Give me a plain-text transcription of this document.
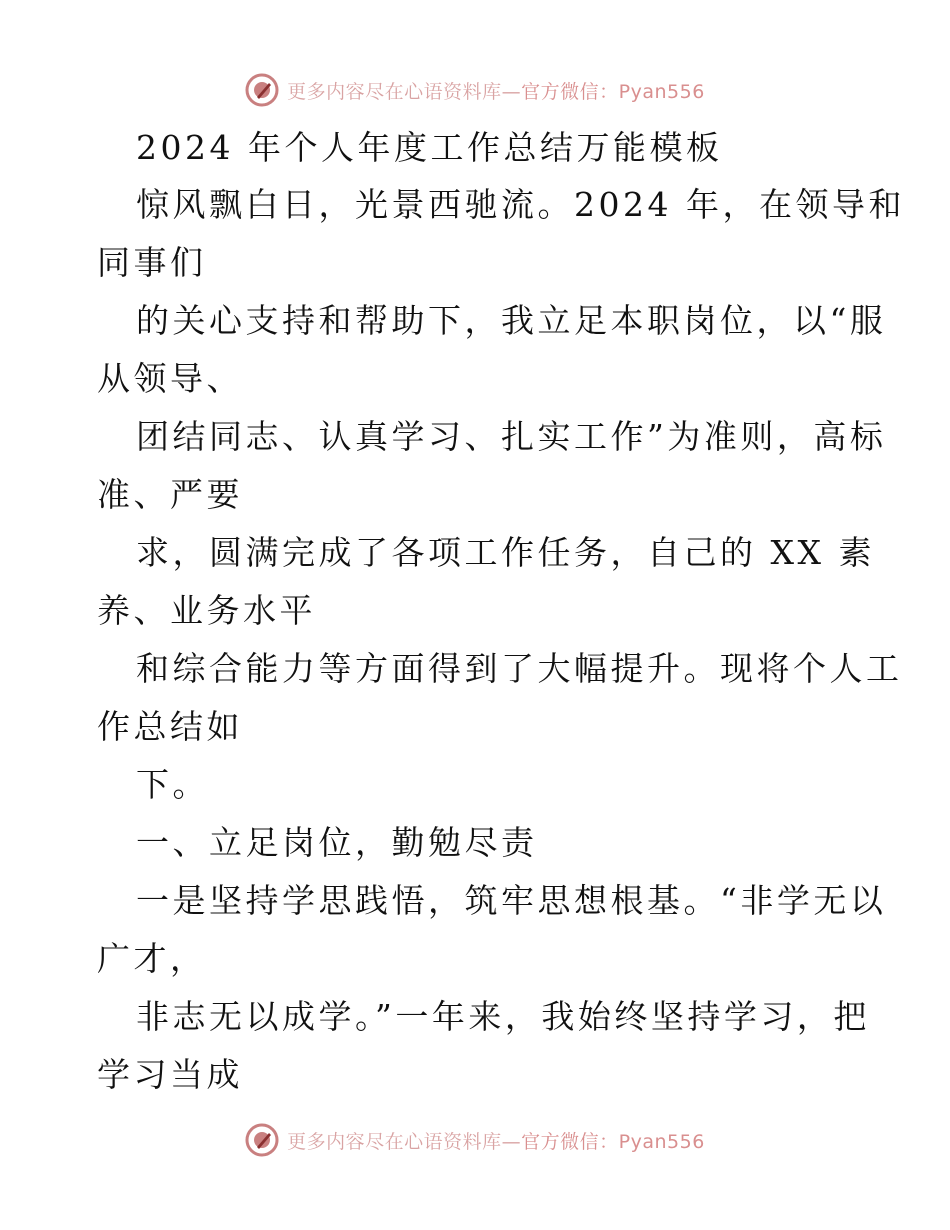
更多内容尽在心语资料库—官方微信：Pyan556
2024 年个人年度工作总结万能模板
惊风飘白日，光景西驰流。2024 年，在领导和
同事们
的关心支持和帮助下，我立足本职岗位，以“服
从领导、
团结同志、认真学习、扎实工作”为准则，高标
准、严要
求，圆满完成了各项工作任务，自己的 XX 素
养、业务水平
和综合能力等方面得到了大幅提升。现将个人工
作总结如
下。
一、立足岗位，勤勉尽责
一是坚持学思践悟，筑牢思想根基。“非学无以
广才，
非志无以成学。”一年来，我始终坚持学习，把
学习当成
更多内容尽在心语资料库—官方微信：Pyan556
